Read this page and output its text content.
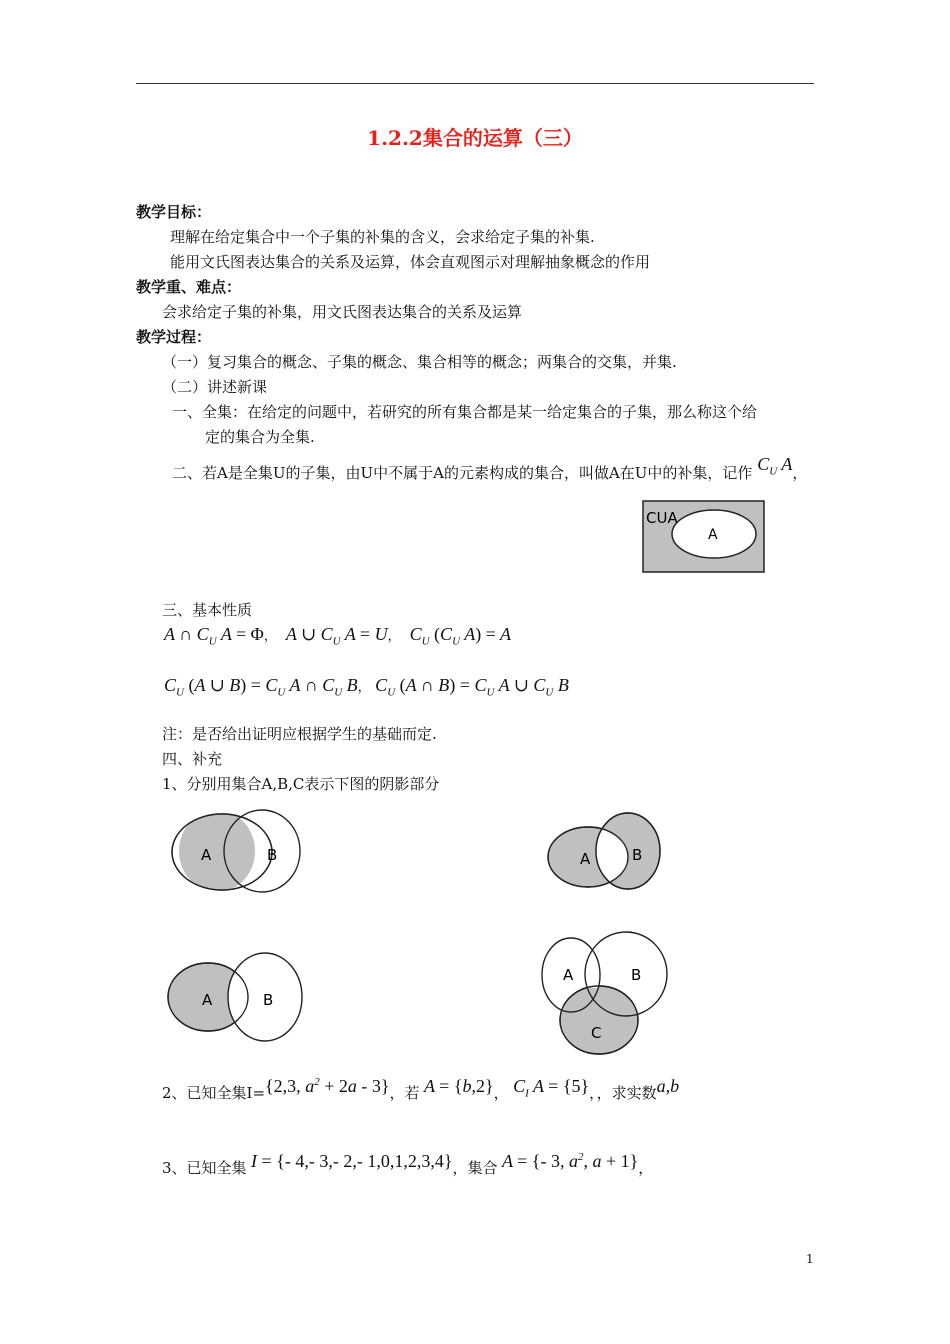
1.2.2集合的运算（三）
教学目标：
理解在给定集合中一个子集的补集的含义，会求给定子集的补集.
能用文氏图表达集合的关系及运算，体会直观图示对理解抽象概念的作用
教学重、难点：
会求给定子集的补集，用文氏图表达集合的关系及运算
教学过程：
（一）复习集合的概念、子集的概念、集合相等的概念；两集合的交集，并集.
（二）讲述新课
一、全集：在给定的问题中，若研究的所有集合都是某一给定集合的子集，那么称这个给
定的集合为全集.
二、若A是全集U的子集，由U中不属于A的元素构成的集合，叫做A在U中的补集，记作 $C_U$ A，
CUA
A
三、基本性质
A ∩ $C_U$ A = Φ，  A ∪ $C_U$ A = U，  $C_U$ ($C_U$ A) = A
$C_U$ (A ∪ $B) = C_U$ A ∩ $C_U$ B， $C_U$ (A ∩ $B) = C_U$ A ∪ $C_U$ B
注：是否给出证明应根据学生的基础而定.
四、补充
1、分别用集合A,B,C表示下图的阴影部分
A	B	A	B
A	B
A	B
C
2、已知全集I={2,3, $a^2 + 2a - 3$}，若 A = {b,2}， $C_I$ A = {5}，，求实数a,b
3、已知全集 I = {- 4,- 3,- 2,- 1,0,1,2,3,4}，集合 A = {- 3, $a^2$, a + 1}，
1
